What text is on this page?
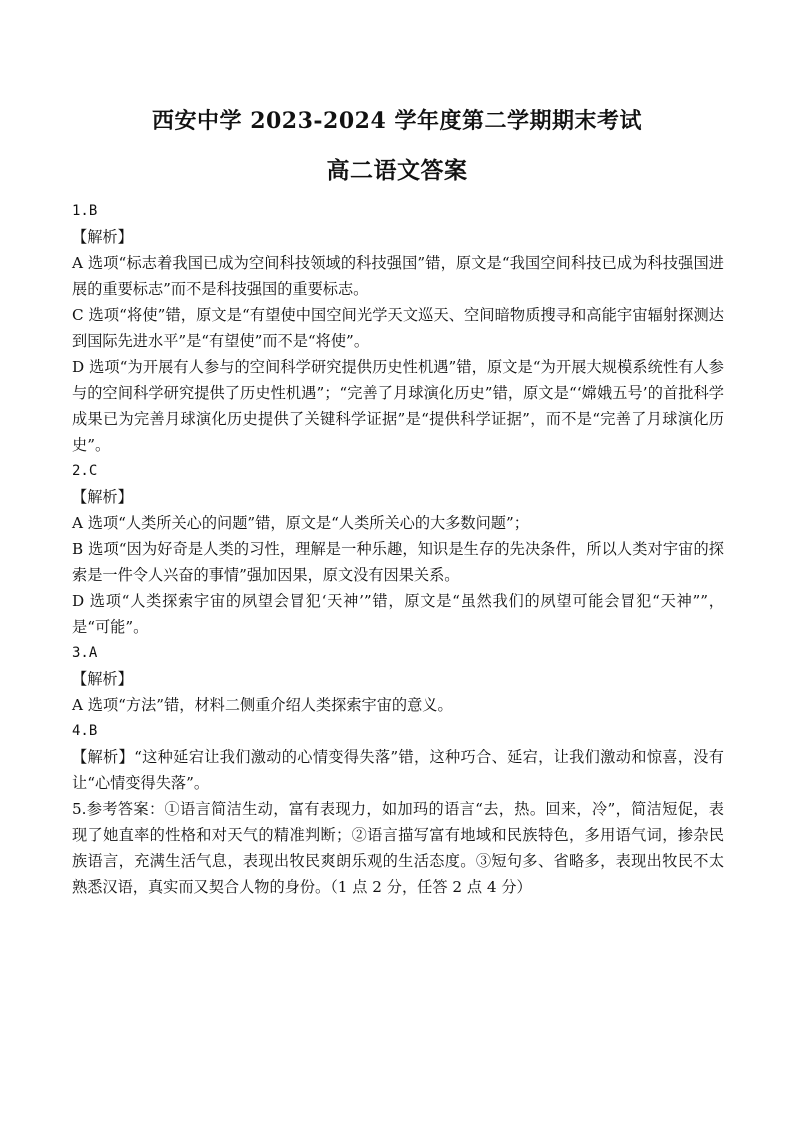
西安中学 2023-2024 学年度第二学期期末考试
高二语文答案

1.B

【解析】

A 选项“标志着我国已成为空间科技领域的科技强国”错，原文是“我国空间科技已成为科技强国进展的重要标志”而不是科技强国的重要标志。

C 选项“将使”错，原文是“有望使中国空间光学天文巡天、空间暗物质搜寻和高能宇宙辐射探测达到国际先进水平”是“有望使”而不是“将使”。

D 选项“为开展有人参与的空间科学研究提供历史性机遇”错，原文是“为开展大规模系统性有人参与的空间科学研究提供了历史性机遇”；“完善了月球演化历史”错，原文是“‘嫦娥五号’的首批科学成果已为完善月球演化历史提供了关键科学证据”是“提供科学证据”，而不是“完善了月球演化历史”。

2.C

【解析】

A 选项“人类所关心的问题”错，原文是“人类所关心的大多数问题”；

B 选项“因为好奇是人类的习性，理解是一种乐趣，知识是生存的先决条件，所以人类对宇宙的探索是一件令人兴奋的事情”强加因果，原文没有因果关系。

D 选项“人类探索宇宙的夙望会冒犯‘天神’”错，原文是“虽然我们的夙望可能会冒犯“天神””，是“可能”。

3.A

【解析】

A 选项“方法”错，材料二侧重介绍人类探索宇宙的意义。

4.B

【解析】“这种延宕让我们激动的心情变得失落”错，这种巧合、延宕，让我们激动和惊喜，没有让“心情变得失落”。

5.参考答案：①语言简洁生动，富有表现力，如加玛的语言“去，热。回来，冷”，简洁短促，表现了她直率的性格和对天气的精准判断；②语言描写富有地域和民族特色，多用语气词，掺杂民族语言，充满生活气息，表现出牧民爽朗乐观的生活态度。③短句多、省略多，表现出牧民不太熟悉汉语，真实而又契合人物的身份。（1 点 2 分，任答 2 点 4 分）
